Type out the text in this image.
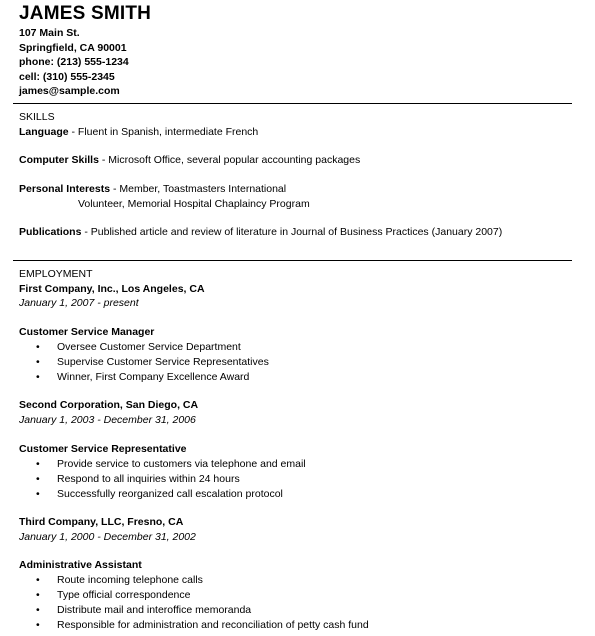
JAMES SMITH
107 Main St.
Springfield, CA 90001
phone: (213) 555-1234
cell: (310) 555-2345
james@sample.com
SKILLS
Language - Fluent in Spanish, intermediate French
Computer Skills - Microsoft Office, several popular accounting packages
Personal Interests - Member, Toastmasters International
Volunteer, Memorial Hospital Chaplaincy Program
Publications - Published article and review of literature in Journal of Business Practices (January 2007)
EMPLOYMENT
First Company, Inc., Los Angeles, CA
January 1, 2007 - present
Customer Service Manager
• Oversee Customer Service Department
• Supervise Customer Service Representatives
• Winner, First Company Excellence Award
Second Corporation, San Diego, CA
January 1, 2003 - December 31, 2006
Customer Service Representative
• Provide service to customers via telephone and email
• Respond to all inquiries within 24 hours
• Successfully reorganized call escalation protocol
Third Company, LLC, Fresno, CA
January 1, 2000 - December 31, 2002
Administrative Assistant
• Route incoming telephone calls
• Type official correspondence
• Distribute mail and interoffice memoranda
• Responsible for administration and reconciliation of petty cash fund
